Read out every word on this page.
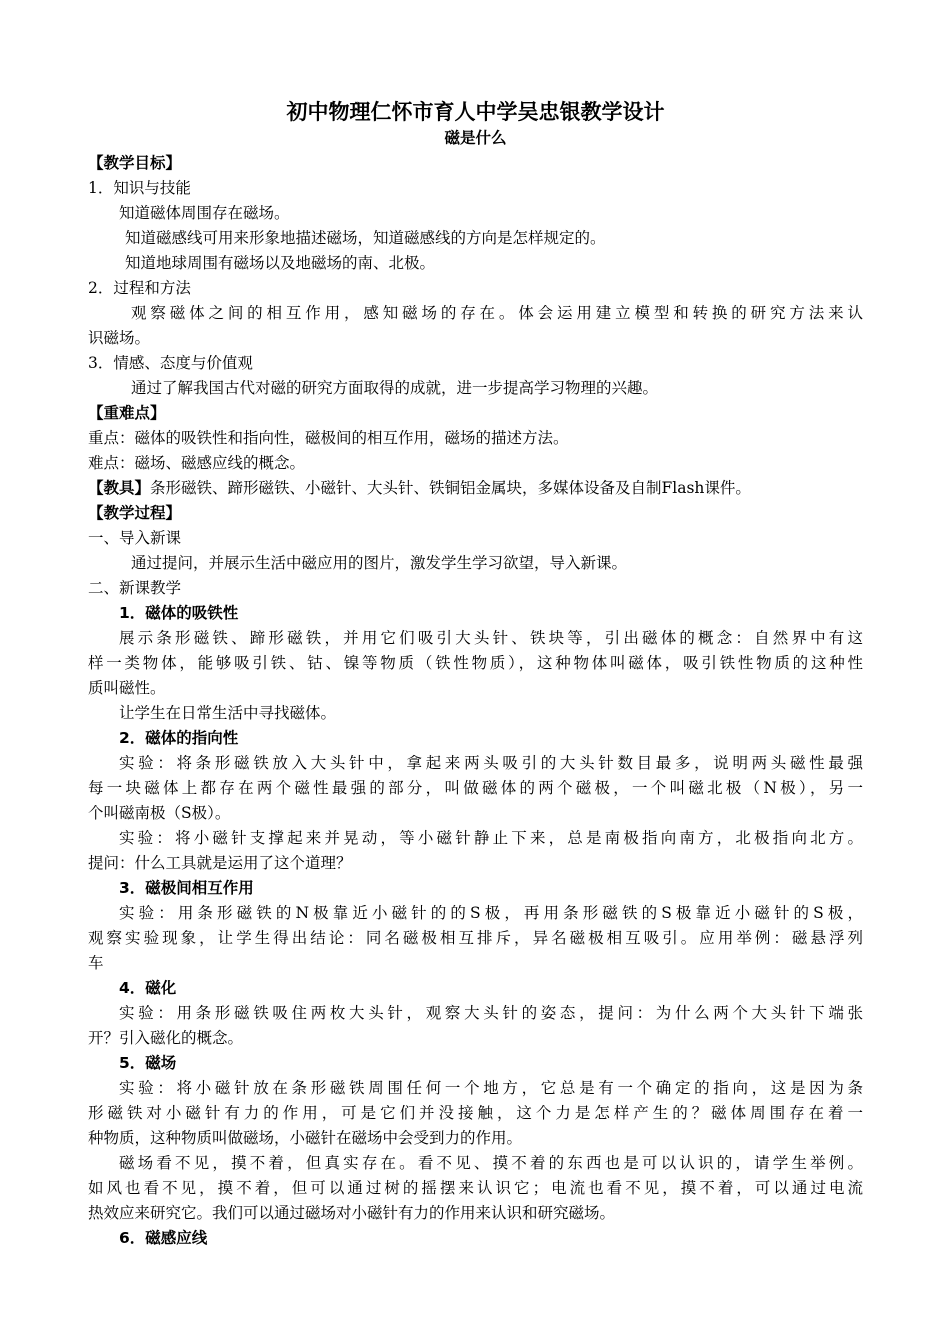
初中物理仁怀市育人中学吴忠银教学设计
磁是什么
【教学目标】
1．知识与技能
知道磁体周围存在磁场。
知道磁感线可用来形象地描述磁场，知道磁感线的方向是怎样规定的。
知道地球周围有磁场以及地磁场的南、北极。
2．过程和方法
观察磁体之间的相互作用，感知磁场的存在。体会运用建立模型和转换的研究方法来认
识磁场。
3．情感、态度与价值观
通过了解我国古代对磁的研究方面取得的成就，进一步提高学习物理的兴趣。
【重难点】
重点：磁体的吸铁性和指向性，磁极间的相互作用，磁场的描述方法。
难点：磁场、磁感应线的概念。
【教具】条形磁铁、蹄形磁铁、小磁针、大头针、铁铜铝金属块，多媒体设备及自制Flash课件。
【教学过程】
一、导入新课
通过提问，并展示生活中磁应用的图片，激发学生学习欲望，导入新课。
二、新课教学
1．磁体的吸铁性
展示条形磁铁、蹄形磁铁，并用它们吸引大头针、铁块等，引出磁体的概念：自然界中有这
样一类物体，能够吸引铁、钴、镍等物质（铁性物质），这种物体叫磁体，吸引铁性物质的这种性
质叫磁性。
让学生在日常生活中寻找磁体。
2．磁体的指向性
实验：将条形磁铁放入大头针中，拿起来两头吸引的大头针数目最多，说明两头磁性最强
每一块磁体上都存在两个磁性最强的部分，叫做磁体的两个磁极，一个叫磁北极（N极），另一
个叫磁南极（S极）。
实验：将小磁针支撑起来并晃动，等小磁针静止下来，总是南极指向南方，北极指向北方。
提问：什么工具就是运用了这个道理？
3．磁极间相互作用
实验：用条形磁铁的N极靠近小磁针的的S极，再用条形磁铁的S极靠近小磁针的S极，
观察实验现象，让学生得出结论：同名磁极相互排斥，异名磁极相互吸引。应用举例：磁悬浮列
车
4．磁化
实验：用条形磁铁吸住两枚大头针，观察大头针的姿态，提问：为什么两个大头针下端张
开？引入磁化的概念。
5．磁场
实验：将小磁针放在条形磁铁周围任何一个地方，它总是有一个确定的指向，这是因为条
形磁铁对小磁针有力的作用，可是它们并没接触，这个力是怎样产生的？磁体周围存在着一
种物质，这种物质叫做磁场，小磁针在磁场中会受到力的作用。
磁场看不见，摸不着，但真实存在。看不见、摸不着的东西也是可以认识的，请学生举例。
如风也看不见，摸不着，但可以通过树的摇摆来认识它；电流也看不见，摸不着，可以通过电流
热效应来研究它。我们可以通过磁场对小磁针有力的作用来认识和研究磁场。
6．磁感应线
